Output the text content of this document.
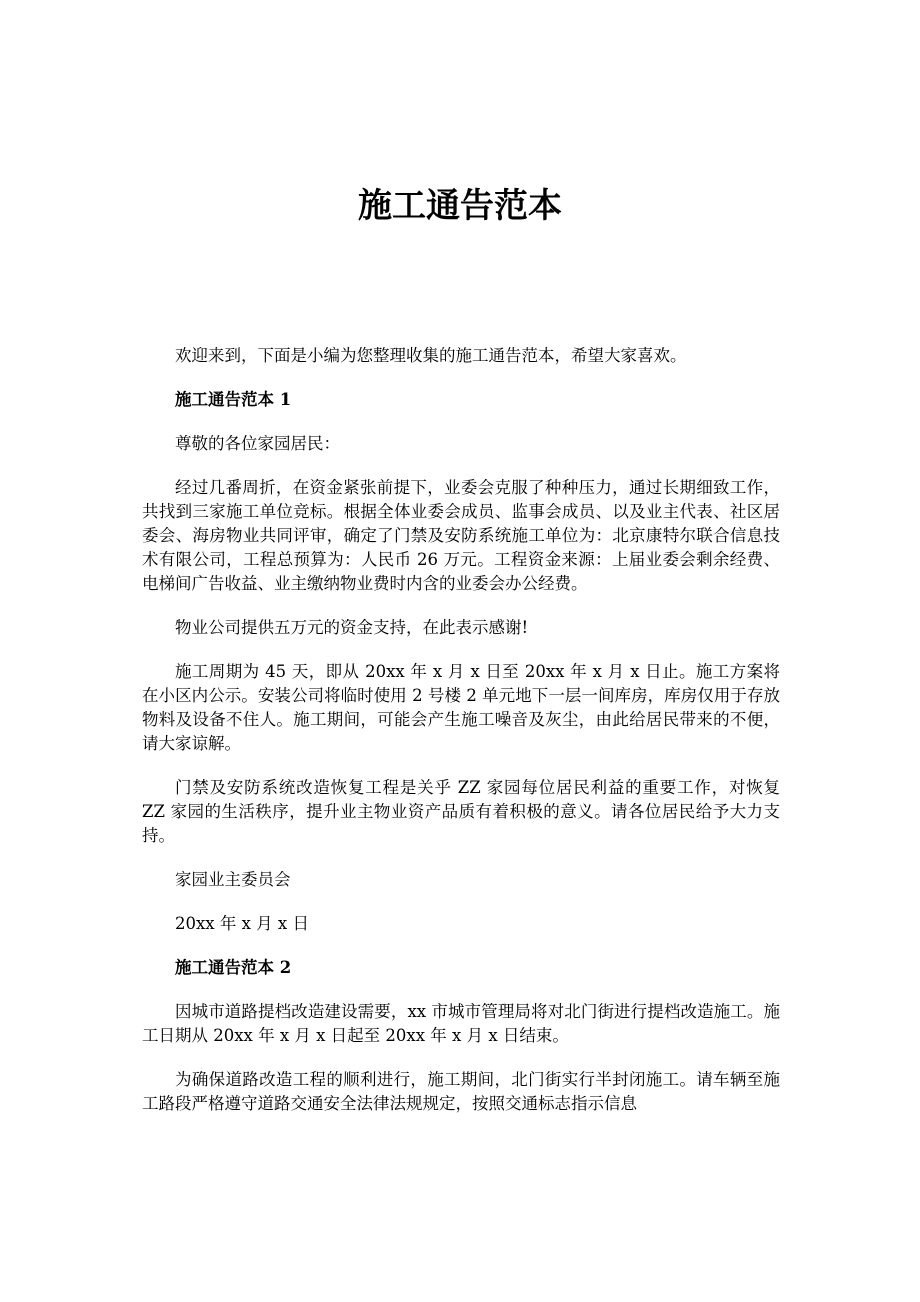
施工通告范本

欢迎来到，下面是小编为您整理收集的施工通告范本，希望大家喜欢。

施工通告范本 1

尊敬的各位家园居民：

经过几番周折，在资金紧张前提下，业委会克服了种种压力，通过长期细致工作，共找到三家施工单位竞标。根据全体业委会成员、监事会成员、以及业主代表、社区居委会、海房物业共同评审，确定了门禁及安防系统施工单位为：北京康特尔联合信息技术有限公司，工程总预算为：人民币 26 万元。工程资金来源：上届业委会剩余经费、电梯间广告收益、业主缴纳物业费时内含的业委会办公经费。

物业公司提供五万元的资金支持，在此表示感谢!

施工周期为 45 天，即从 20xx 年 x 月 x 日至 20xx 年 x 月 x 日止。施工方案将在小区内公示。安装公司将临时使用 2 号楼 2 单元地下一层一间库房，库房仅用于存放物料及设备不住人。施工期间，可能会产生施工噪音及灰尘，由此给居民带来的不便，请大家谅解。

门禁及安防系统改造恢复工程是关乎 ZZ 家园每位居民利益的重要工作，对恢复 ZZ 家园的生活秩序，提升业主物业资产品质有着积极的意义。请各位居民给予大力支持。

家园业主委员会

20xx 年 x 月 x 日

施工通告范本 2

因城市道路提档改造建设需要，xx 市城市管理局将对北门街进行提档改造施工。施工日期从 20xx 年 x 月 x 日起至 20xx 年 x 月 x 日结束。

为确保道路改造工程的顺利进行，施工期间，北门街实行半封闭施工。请车辆至施工路段严格遵守道路交通安全法律法规规定，按照交通标志指示信息
